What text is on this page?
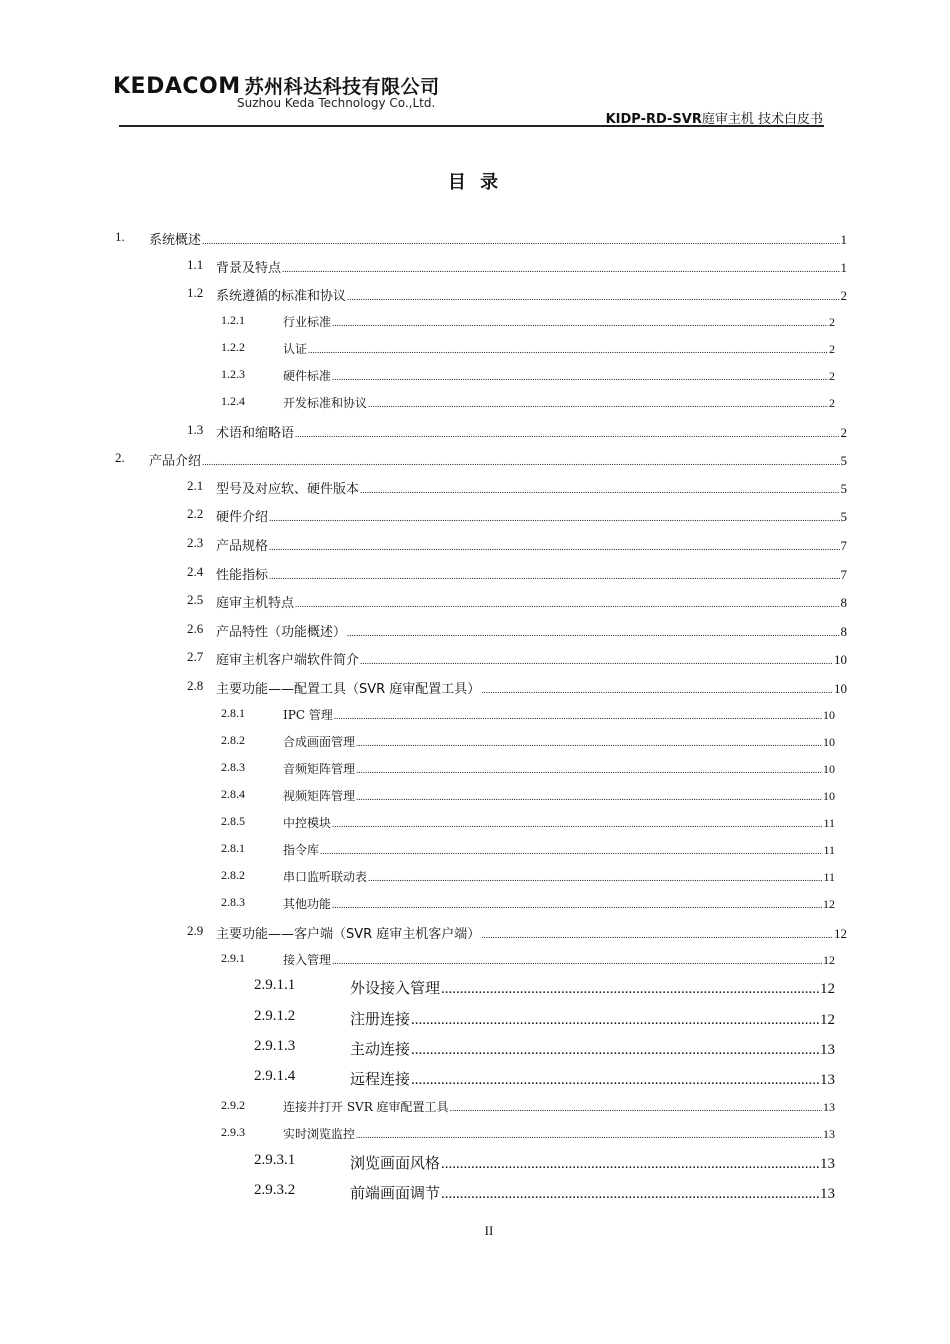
KEDACOM 苏州科达科技有限公司
Suzhou Keda Technology Co.,Ltd.
KIDP-RD-SVR庭审主机 技术白皮书
目 录
1. 系统概述 .....	1
1.1 背景及特点 .....	1
1.2 系统遵循的标准和协议 .....	2
1.2.1	行业标准 .....	2
1.2.2	认证 .....	2
1.2.3	硬件标准 .....	2
1.2.4	开发标准和协议 .....	2
1.3 术语和缩略语 .....	2
2. 产品介绍 .....	5
2.1 型号及对应软、硬件版本 .....	5
2.2 硬件介绍 .....	5
2.3 产品规格 .....	7
2.4 性能指标 .....	7
2.5 庭审主机特点 .....	8
2.6 产品特性（功能概述） .....	8
2.7 庭审主机客户端软件简介 .....	10
2.8 主要功能——配置工具（SVR 庭审配置工具） .....	10
2.8.1	IPC 管理 .....	10
2.8.2	合成画面管理 .....	10
2.8.3	音频矩阵管理 .....	10
2.8.4	视频矩阵管理 .....	10
2.8.5	中控模块 .....	11
2.8.1	指令库 .....	11
2.8.2	串口监听联动表 .....	11
2.8.3	其他功能 .....	12
2.9 主要功能——客户端（SVR 庭审主机客户端） .....	12
2.9.1	接入管理 .....	12
2.9.1.1	外设接入管理 .....	12
2.9.1.2	注册连接 .....	12
2.9.1.3	主动连接 .....	13
2.9.1.4	远程连接 .....	13
2.9.2	连接并打开 SVR 庭审配置工具 .....	13
2.9.3	实时浏览监控 .....	13
2.9.3.1	浏览画面风格 .....	13
2.9.3.2	前端画面调节 .....	13
II
